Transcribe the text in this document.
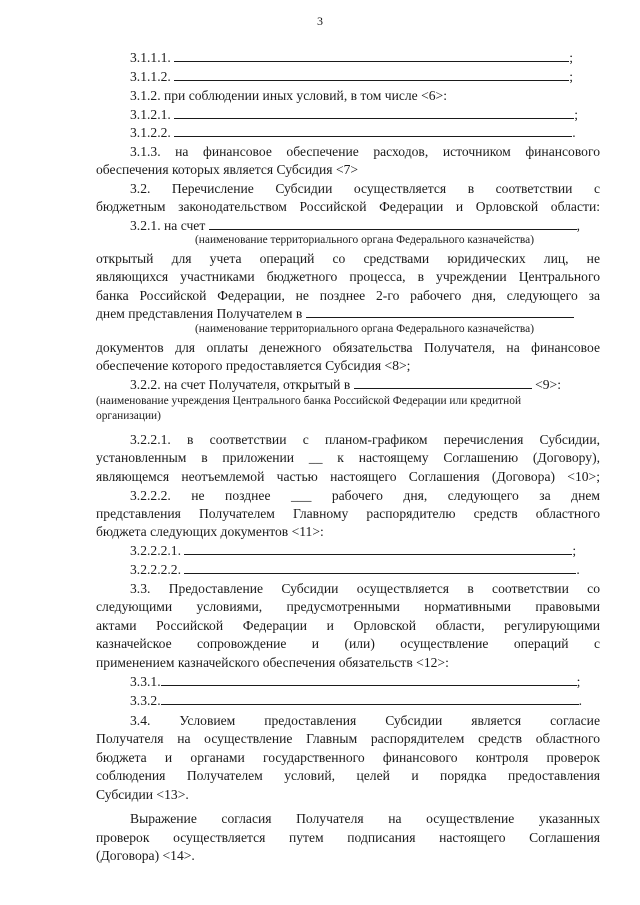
3
3.1.1.1.	;
3.1.1.2.	;
3.1.2. при соблюдении иных условий, в том числе <6>:
3.1.2.1.	;
3.1.2.2.	.
3.1.3. на финансовое обеспечение расходов, источником финансового
обеспечения которых является Субсидия <7>
3.2. Перечисление Субсидии осуществляется в соответствии с
бюджетным законодательством Российской Федерации и Орловской области:
3.2.1. на счет	,
(наименование территориального органа Федерального казначейства)
открытый для учета операций со средствами юридических лиц, не
являющихся участниками бюджетного процесса, в учреждении Центрального
банка Российской Федерации, не позднее 2-го рабочего дня, следующего за
днем представления Получателем в
(наименование территориального органа Федерального казначейства)
документов для оплаты денежного обязательства Получателя, на финансовое
обеспечение которого предоставляется Субсидия <8>;
3.2.2. на счет Получателя, открытый в	<9>:
(наименование учреждения Центрального банка Российской Федерации или кредитной
организации)
3.2.2.1. в соответствии с планом-графиком перечисления Субсидии,
установленным в приложении __ к настоящему Соглашению (Договору),
являющемся неотъемлемой частью настоящего Соглашения (Договора) <10>;
3.2.2.2. не позднее ___ рабочего дня, следующего за днем
представления Получателем Главному распорядителю средств областного
бюджета следующих документов <11>:
3.2.2.2.1.	;
3.2.2.2.2.	.
3.3. Предоставление Субсидии осуществляется в соответствии со
следующими условиями, предусмотренными нормативными правовыми
актами Российской Федерации и Орловской области, регулирующими
казначейское сопровождение и (или) осуществление операций с
применением казначейского обеспечения обязательств <12>:
3.3.1.	;
3.3.2.	.
3.4. Условием предоставления Субсидии является согласие
Получателя на осуществление Главным распорядителем средств областного
бюджета и органами государственного финансового контроля проверок
соблюдения Получателем условий, целей и порядка предоставления
Субсидии <13>.
Выражение согласия Получателя на осуществление указанных
проверок осуществляется путем подписания настоящего Соглашения
(Договора) <14>.
